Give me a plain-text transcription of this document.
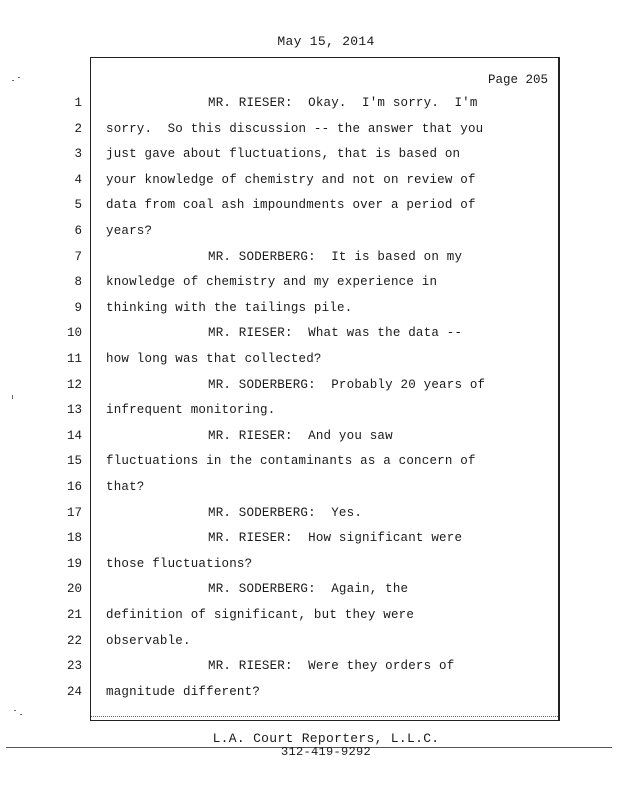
May 15, 2014
Page 205
1	MR. RIESER:  Okay.  I'm sorry.  I'm
2 sorry.  So this discussion -- the answer that you
3 just gave about fluctuations, that is based on
4 your knowledge of chemistry and not on review of
5 data from coal ash impoundments over a period of
6 years?
7	MR. SODERBERG:  It is based on my
8 knowledge of chemistry and my experience in
9 thinking with the tailings pile.
10	MR. RIESER:  What was the data --
11 how long was that collected?
12	MR. SODERBERG:  Probably 20 years of
13 infrequent monitoring.
14	MR. RIESER:  And you saw
15 fluctuations in the contaminants as a concern of
16 that?
17	MR. SODERBERG:  Yes.
18	MR. RIESER:  How significant were
19 those fluctuations?
20	MR. SODERBERG:  Again, the
21 definition of significant, but they were
22 observable.
23	MR. RIESER:  Were they orders of
24 magnitude different?
L.A. Court Reporters, L.L.C.
312-419-9292
